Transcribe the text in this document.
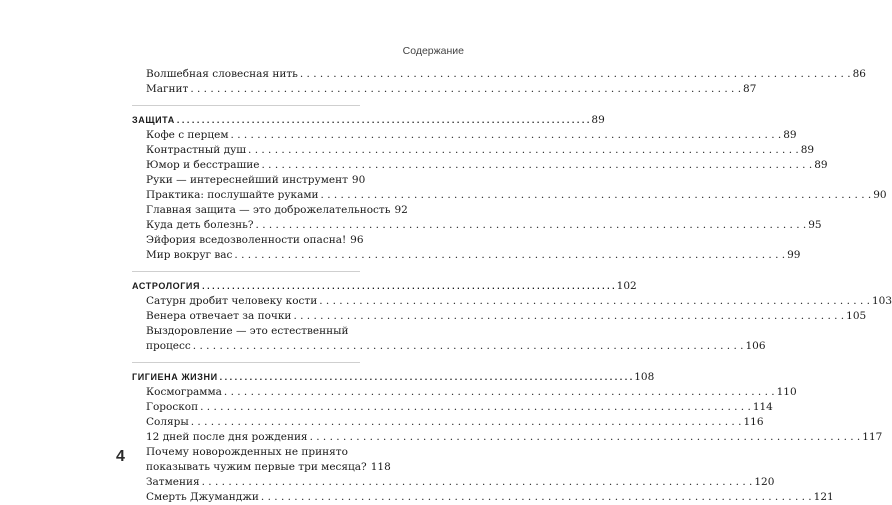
Содержание
Волшебная словесная нить . . .	86
Магнит . . .	87
ЗАЩИТА . . .	89
Кофе с перцем . . .	89
Контрастный душ . . .	89
Юмор и бесстрашие . . .	89
Руки — интереснейший инструмент 90
Практика: послушайте руками . . .	90
Главная защита — это доброжелательность 92
Куда деть болезнь? . . .	95
Эйфория вседозволенности опасна! 96
Мир вокруг вас . . .	99
АСТРОЛОГИЯ . . .	102
Сатурн дробит человеку кости . . .	103
Венера отвечает за почки . . .	105
Выздоровление — это естественный
процесс . . .	106
ГИГИЕНА ЖИЗНИ . . .	108
Космограмма . . .	110
Гороскоп . . .	114
Соляры . . .	116
12 дней после дня рождения . . .	117
Почему новорожденных не принято
показывать чужим первые три месяца? 118
Затмения . . .	120
Смерть Джуманджи . . .	121
4
